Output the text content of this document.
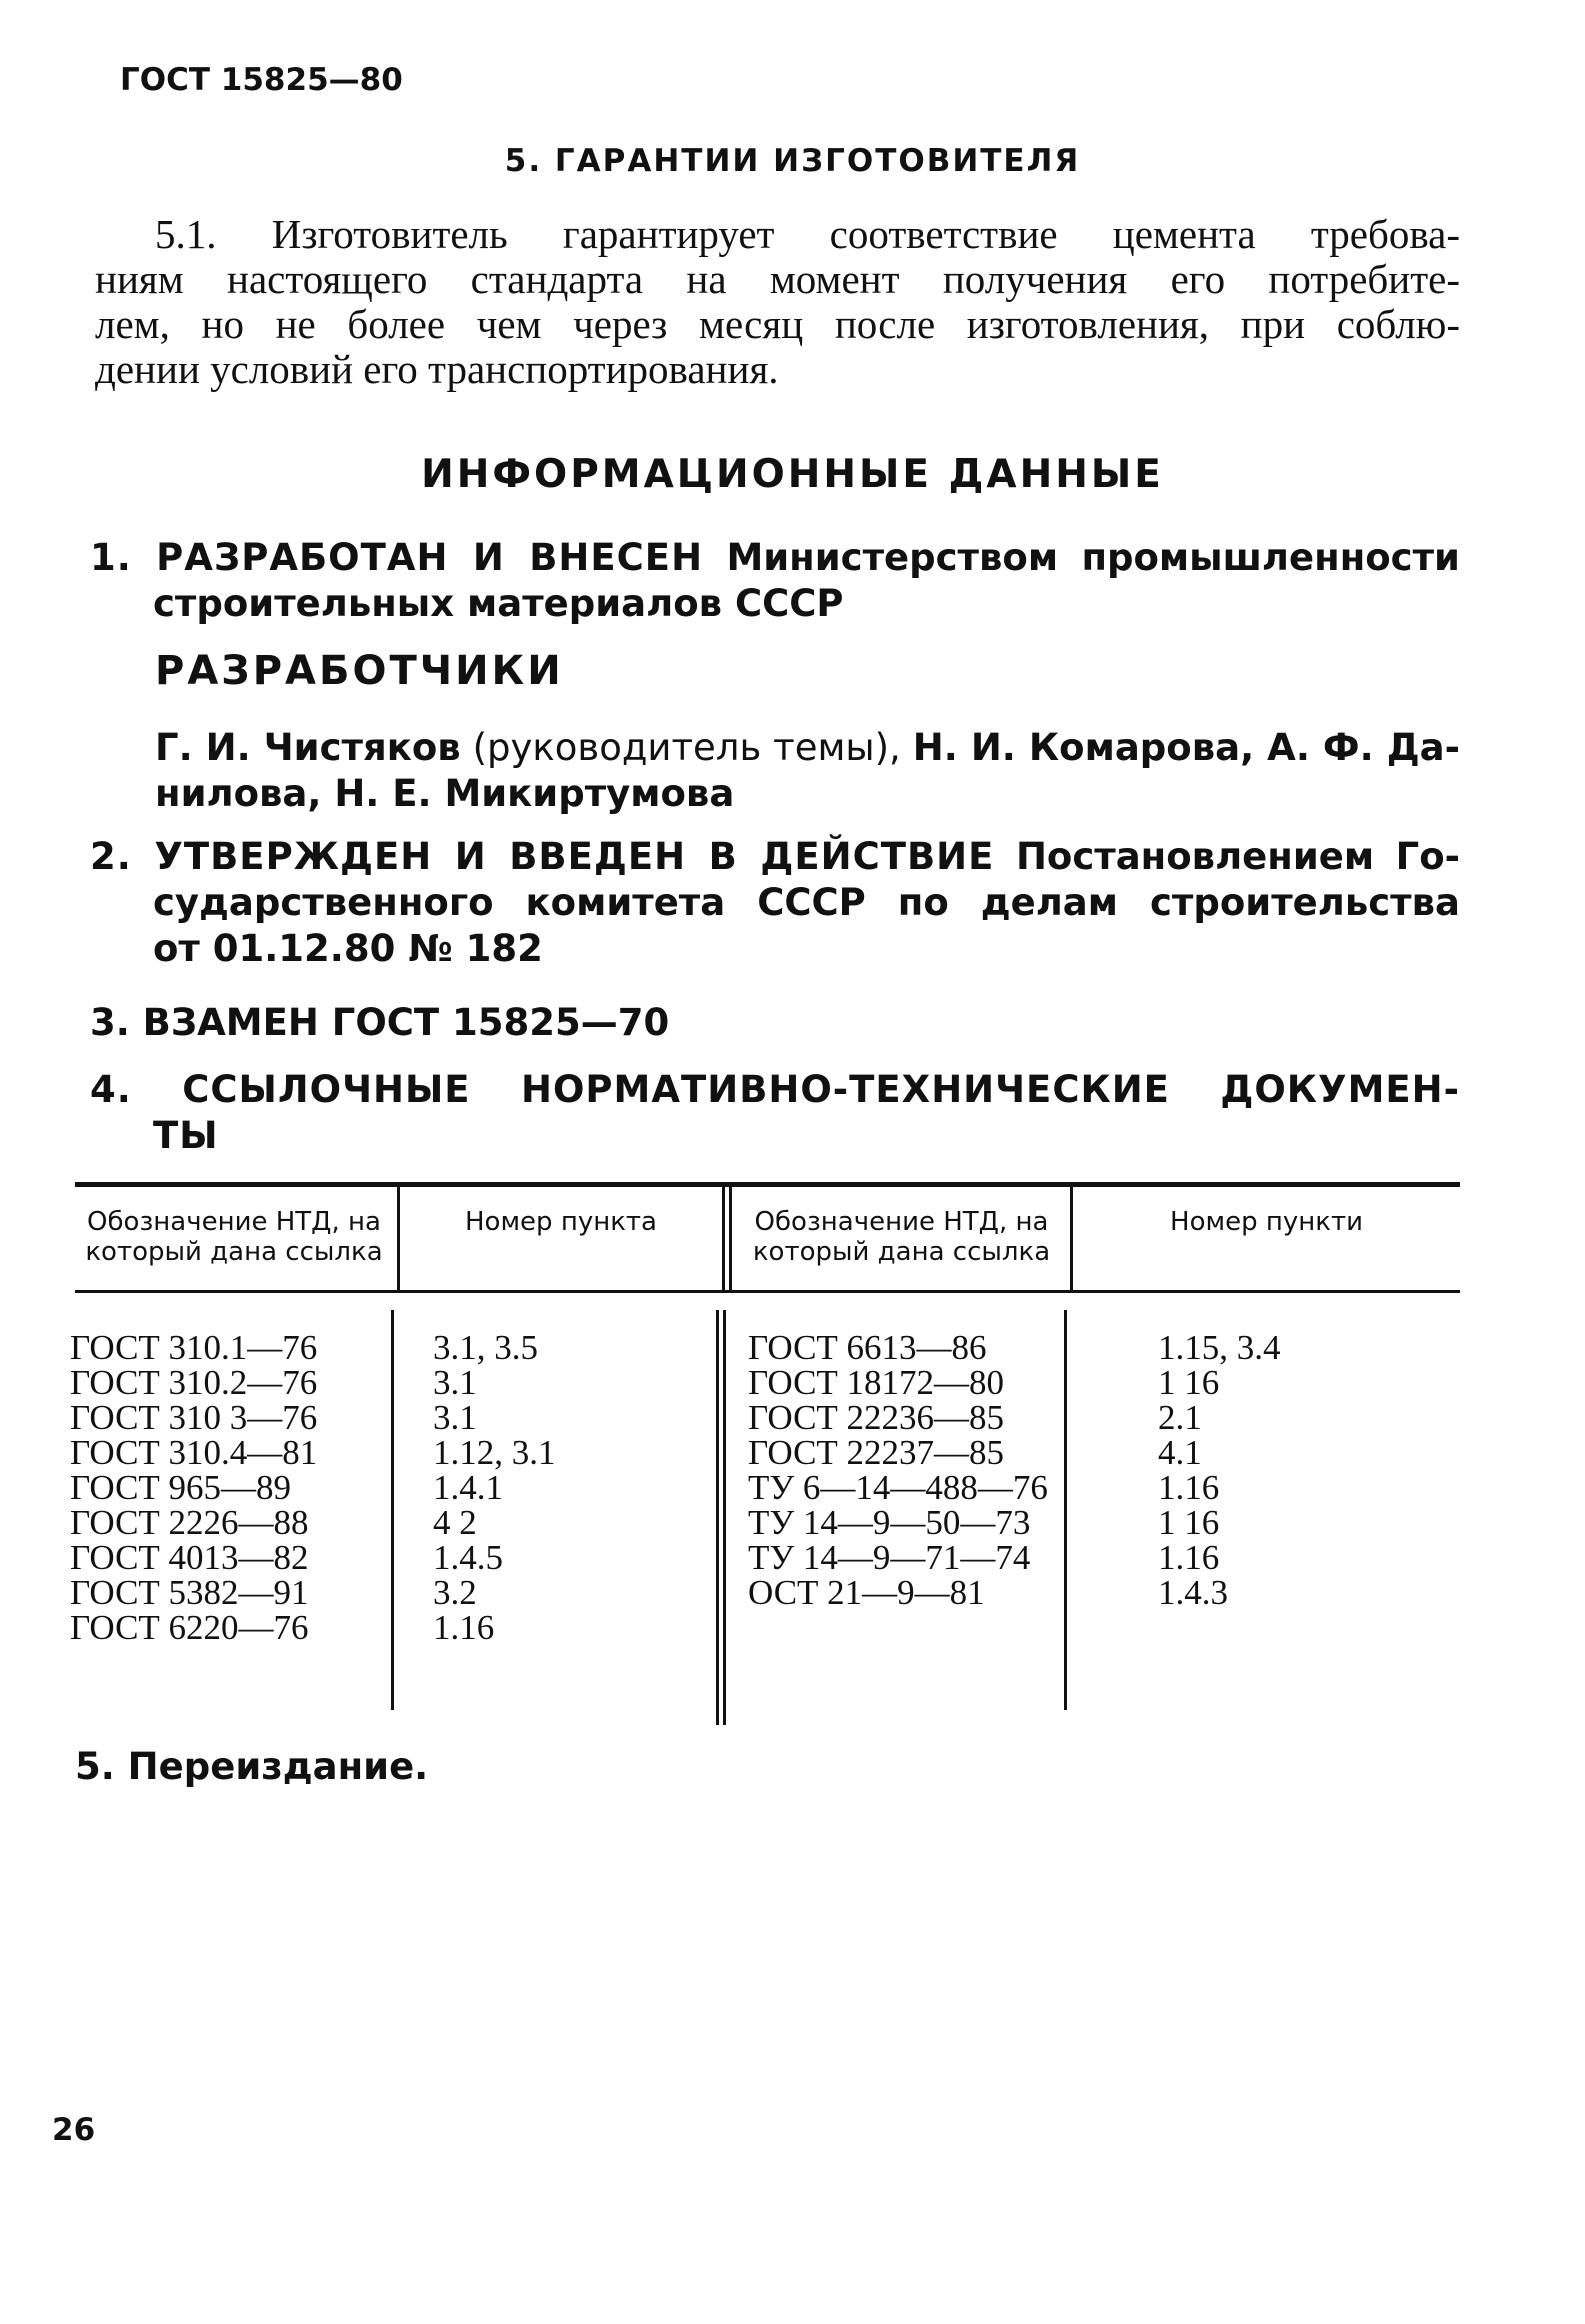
ГОСТ 15825—80
5. ГАРАНТИИ ИЗГОТОВИТЕЛЯ

5.1. Изготовитель гарантирует соответствие цемента требова-

ниям настоящего стандарта на момент получения его потребите-

лем, но не более чем через месяц после изготовления, при соблю-

дении условий его транспортирования.

ИНФОРМАЦИОННЫЕ ДАННЫЕ
1. РАЗРАБОТАН И ВНЕСЕН Министерством промышленности
строительных материалов СССР
РАЗРАБОТЧИКИ
Г. И. Чистяков (руководитель темы), Н. И. Комарова, А. Ф. Да-
нилова, Н. Е. Микиртумова
2. УТВЕРЖДЕН И ВВЕДЕН В ДЕЙСТВИЕ Постановлением Го-
сударственного комитета СССР по делам строительства
от 01.12.80 № 182
3. ВЗАМЕН ГОСТ 15825—70
4. ССЫЛОЧНЫЕ НОРМАТИВНО-ТЕХНИЧЕСКИЕ ДОКУМЕН-
ТЫ
Обозначение НТД, на
который дана ссылка
Номер пункта	Обозначение НТД, на
который дана ссылка
Номер пункти
ГОСТ 310.1—76
ГОСТ 310.2—76
ГОСТ 310 3—76
ГОСТ 310.4—81
ГОСТ 965—89
ГОСТ 2226—88
ГОСТ 4013—82
ГОСТ 5382—91
ГОСТ 6220—76
3.1, 3.5
3.1
3.1
1.12, 3.1
1.4.1
4 2
1.4.5
3.2
1.16
ГОСТ 6613—86
ГОСТ 18172—80
ГОСТ 22236—85
ГОСТ 22237—85
ТУ 6—14—488—76
ТУ 14—9—50—73
ТУ 14—9—71—74
ОСТ 21—9—81
1.15, 3.4
1 16
2.1
4.1
1.16
1 16
1.16
1.4.3
5. Переиздание.
26
